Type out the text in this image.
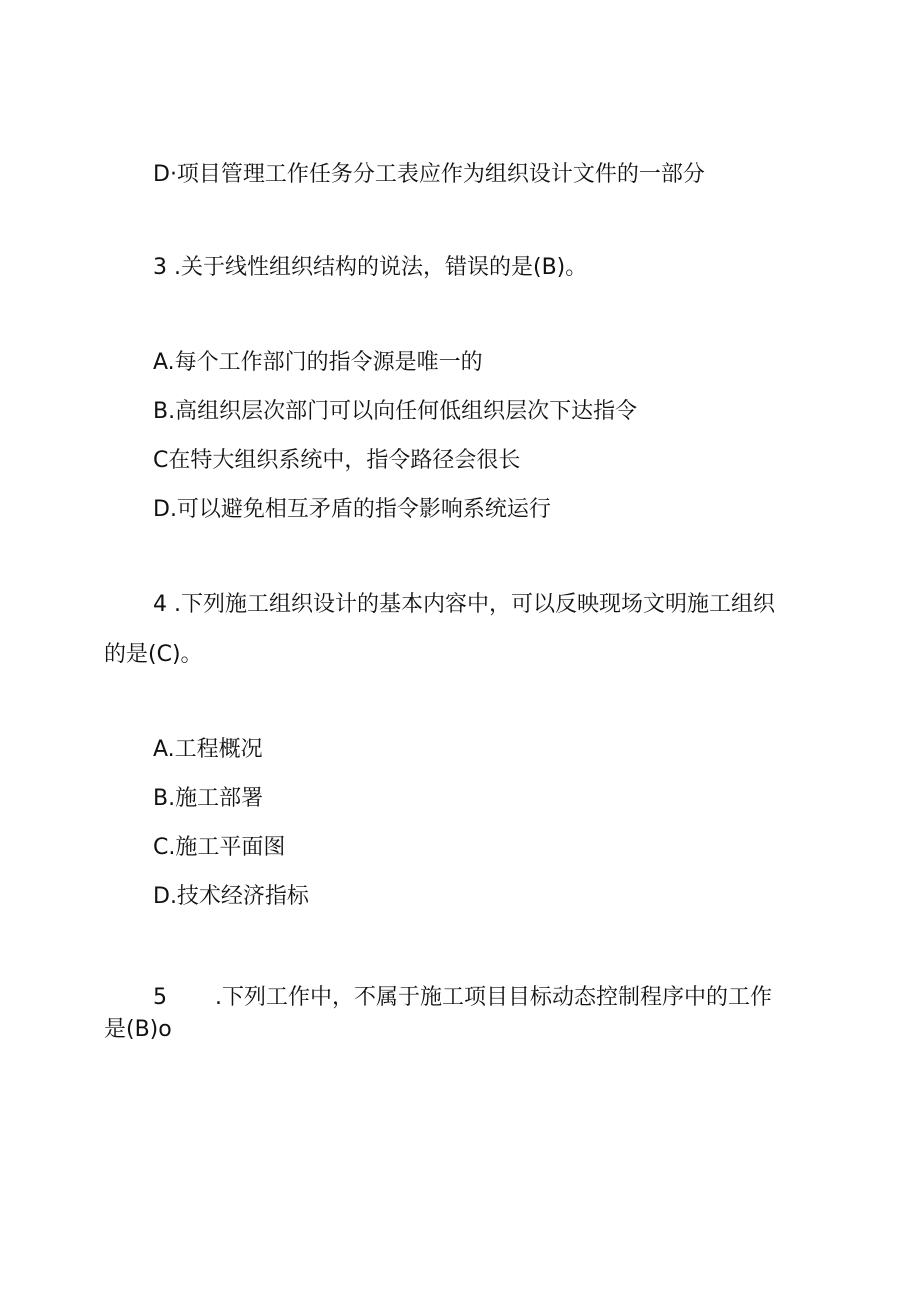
D·项目管理工作任务分工表应作为组织设计文件的一部分
3 .关于线性组织结构的说法，错误的是(B)。
A.每个工作部门的指令源是唯一的
B.高组织层次部门可以向任何低组织层次下达指令
C在特大组织系统中，指令路径会很长
D.可以避免相互矛盾的指令影响系统运行
4 .下列施工组织设计的基本内容中，可以反映现场文明施工组织
的是(C)。
A.工程概况
B.施工部署
C.施工平面图
D.技术经济指标
5 .下列工作中，不属于施工项目目标动态控制程序中的工作
是(B)o
